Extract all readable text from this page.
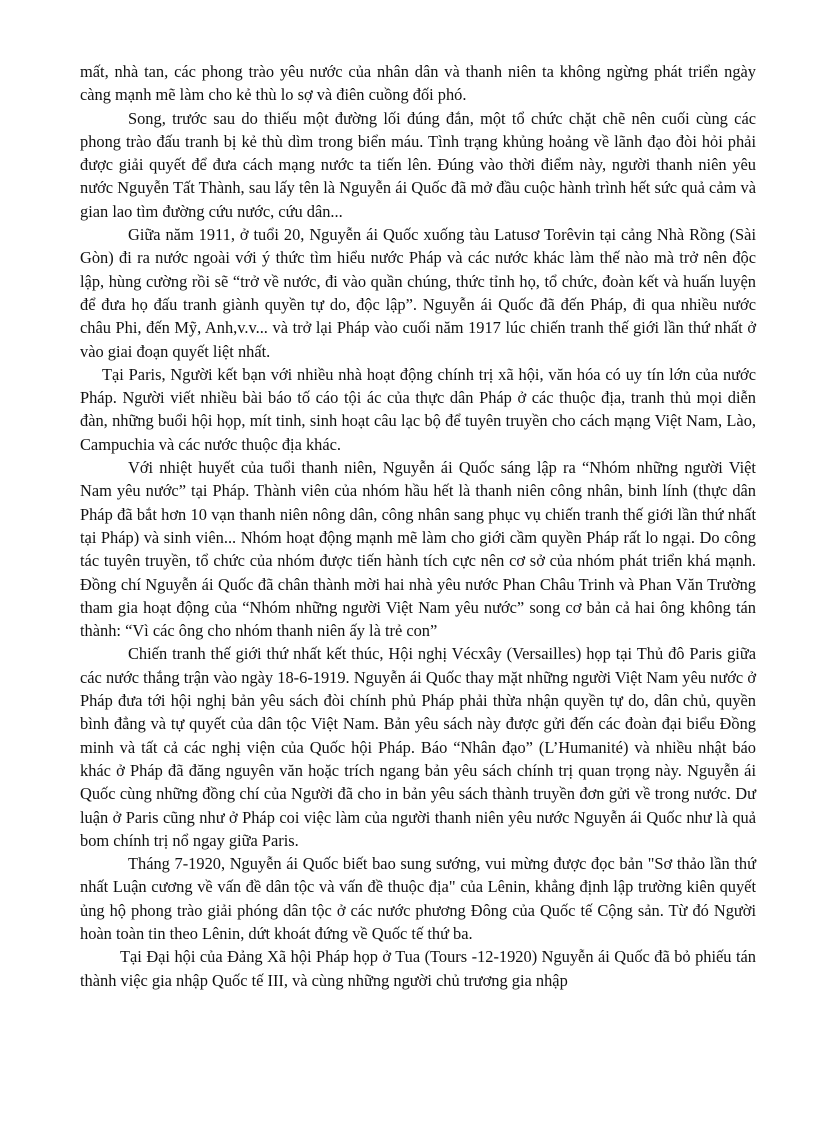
mất, nhà tan, các phong trào yêu nước của nhân dân và thanh niên ta không ngừng phát triển ngày càng mạnh mẽ làm cho kẻ thù lo sợ và điên cuồng đối phó.

Song, trước sau do thiếu một đường lối đúng đắn, một tổ chức chặt chẽ nên cuối cùng các phong trào đấu tranh bị kẻ thù dìm trong biển máu. Tình trạng khủng hoảng về lãnh đạo đòi hỏi phải được giải quyết để đưa cách mạng nước ta tiến lên. Đúng vào thời điểm này, người thanh niên yêu nước Nguyễn Tất Thành, sau lấy tên là Nguyễn ái Quốc đã mở đầu cuộc hành trình hết sức quả cảm và gian lao tìm đường cứu nước, cứu dân...

Giữa năm 1911, ở tuổi 20, Nguyễn ái Quốc xuống tàu Latusơ Torêvin tại cảng Nhà Rồng (Sài Gòn) đi ra nước ngoài với ý thức tìm hiểu nước Pháp và các nước khác làm thế nào mà trở nên độc lập, hùng cường rồi sẽ “trở về nước, đi vào quần chúng, thức tỉnh họ, tổ chức, đoàn kết và huấn luyện để đưa họ đấu tranh giành quyền tự do, độc lập”. Nguyễn ái Quốc đã đến Pháp, đi qua nhiều nước châu Phi, đến Mỹ, Anh,v.v... và trở lại Pháp vào cuối năm 1917 lúc chiến tranh thế giới lần thứ nhất ở vào giai đoạn quyết liệt nhất.

Tại Paris, Người kết bạn với nhiều nhà hoạt động chính trị xã hội, văn hóa có uy tín lớn của nước Pháp. Người viết nhiều bài báo tố cáo tội ác của thực dân Pháp ở các thuộc địa, tranh thủ mọi diễn đàn, những buổi hội họp, mít tinh, sinh hoạt câu lạc bộ để tuyên truyền cho cách mạng Việt Nam, Lào, Campuchia và các nước thuộc địa khác.

Với nhiệt huyết của tuổi thanh niên, Nguyễn ái Quốc sáng lập ra “Nhóm những người Việt Nam yêu nước” tại Pháp. Thành viên của nhóm hầu hết là thanh niên công nhân, binh lính (thực dân Pháp đã bắt hơn 10 vạn thanh niên nông dân, công nhân sang phục vụ chiến tranh thế giới lần thứ nhất tại Pháp) và sinh viên... Nhóm hoạt động mạnh mẽ làm cho giới cầm quyền Pháp rất lo ngại. Do công tác tuyên truyền, tổ chức của nhóm được tiến hành tích cực nên cơ sở của nhóm phát triển khá mạnh. Đồng chí Nguyễn ái Quốc đã chân thành mời hai nhà yêu nước Phan Châu Trinh và Phan Văn Trường tham gia hoạt động của “Nhóm những người Việt Nam yêu nước” song cơ bản cả hai ông không tán thành: “Vì các ông cho nhóm thanh niên ấy là trẻ con”

Chiến tranh thế giới thứ nhất kết thúc, Hội nghị Vécxây (Versailles) họp tại Thủ đô Paris giữa các nước thắng trận vào ngày 18-6-1919. Nguyễn ái Quốc thay mặt những người Việt Nam yêu nước ở Pháp đưa tới hội nghị bản yêu sách đòi chính phủ Pháp phải thừa nhận quyền tự do, dân chủ, quyền bình đẳng và tự quyết của dân tộc Việt Nam. Bản yêu sách này được gửi đến các đoàn đại biểu Đồng minh và tất cả các nghị viện của Quốc hội Pháp. Báo “Nhân đạo” (L’Humanité) và nhiều nhật báo khác ở Pháp đã đăng nguyên văn hoặc trích ngang bản yêu sách chính trị quan trọng này. Nguyễn ái Quốc cùng những đồng chí của Người đã cho in bản yêu sách thành truyền đơn gửi về trong nước. Dư luận ở Paris cũng như ở Pháp coi việc làm của người thanh niên yêu nước Nguyễn ái Quốc như là quả bom chính trị nổ ngay giữa Paris.

Tháng 7-1920, Nguyễn ái Quốc biết bao sung sướng, vui mừng được đọc bản "Sơ thảo lần thứ nhất Luận cương về vấn đề dân tộc và vấn đề thuộc địa" của Lênin, khẳng định lập trường kiên quyết ủng hộ phong trào giải phóng dân tộc ở các nước phương Đông của Quốc tế Cộng sản. Từ đó Người hoàn toàn tin theo Lênin, dứt khoát đứng về Quốc tế thứ ba.

Tại Đại hội của Đảng Xã hội Pháp họp ở Tua (Tours -12-1920) Nguyễn ái Quốc đã bỏ phiếu tán thành việc gia nhập Quốc tế III, và cùng những người chủ trương gia nhập
